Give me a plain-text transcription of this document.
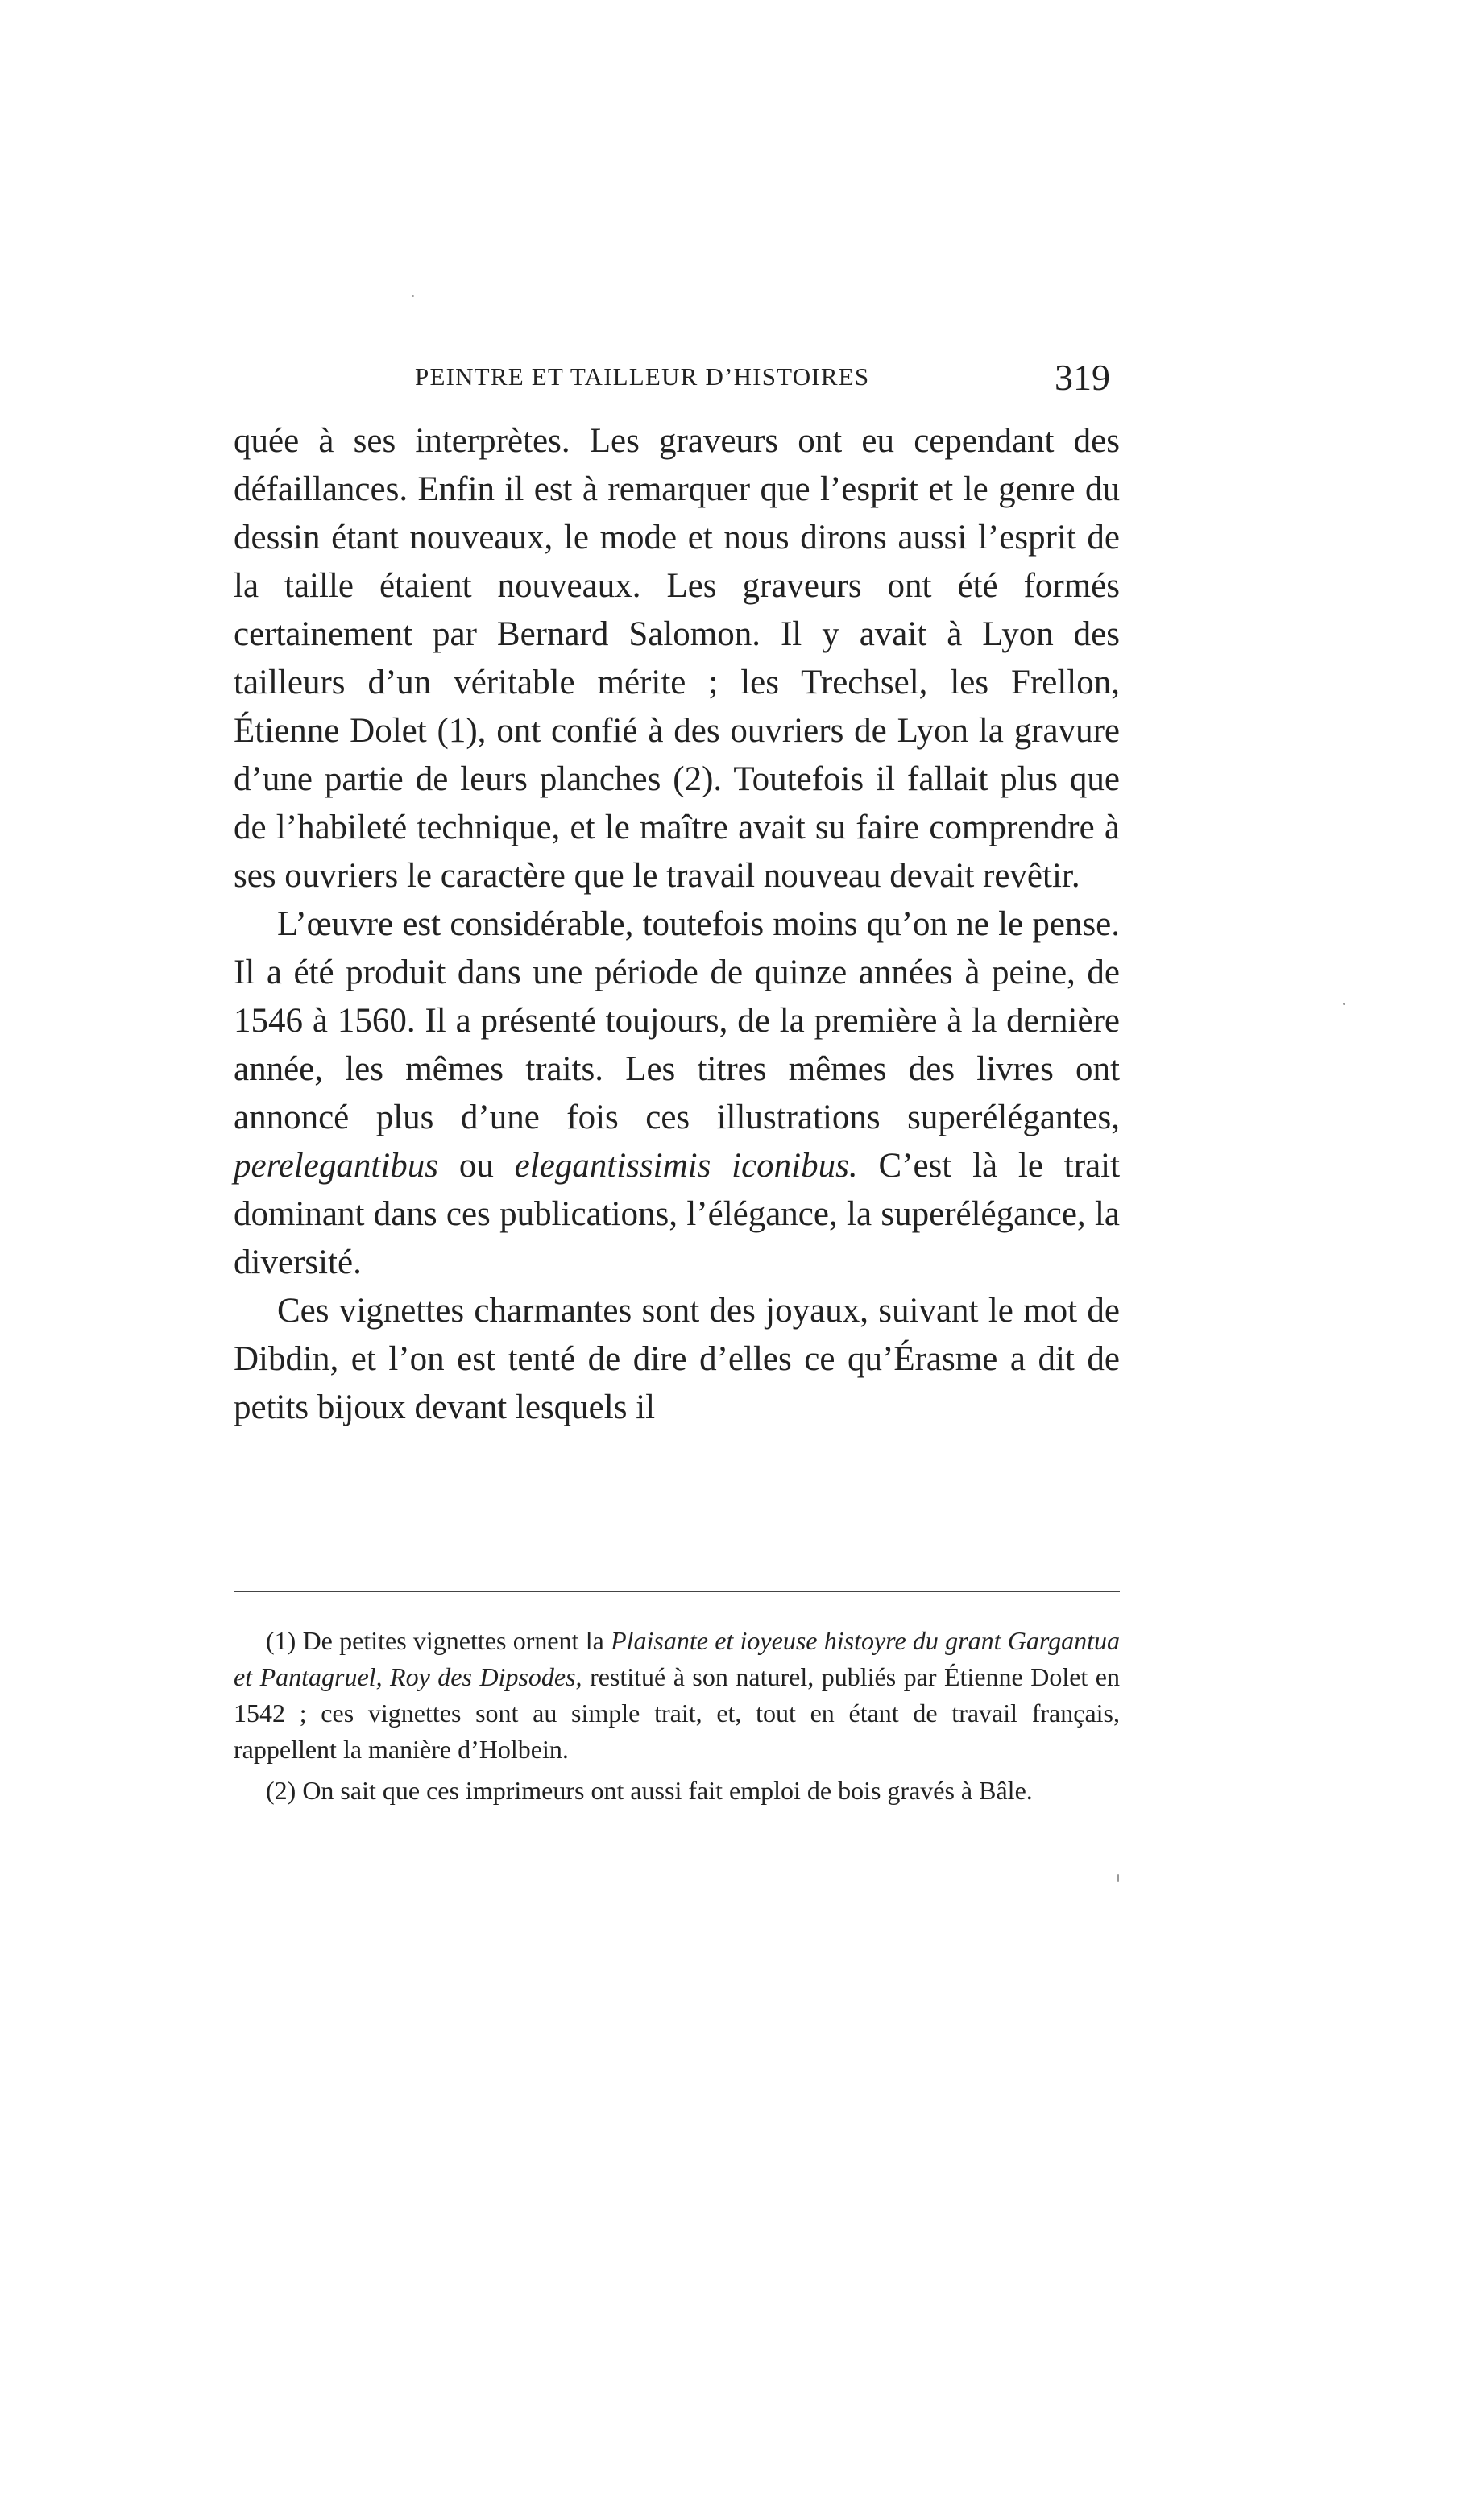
PEINTRE ET TAILLEUR D’HISTOIRES	319

quée à ses interprètes. Les graveurs ont eu cependant des défaillances. Enfin il est à remarquer que l’esprit et le genre du dessin étant nouveaux, le mode et nous dirons aussi l’esprit de la taille étaient nouveaux. Les graveurs ont été formés certainement par Bernard Salomon. Il y avait à Lyon des tailleurs d’un véritable mérite ; les Trechsel, les Frellon, Étienne Dolet (1), ont confié à des ouvriers de Lyon la gravure d’une partie de leurs planches (2). Toutefois il fallait plus que de l’habileté technique, et le maître avait su faire comprendre à ses ouvriers le caractère que le travail nouveau devait revêtir.

L’œuvre est considérable, toutefois moins qu’on ne le pense. Il a été produit dans une période de quinze années à peine, de 1546 à 1560. Il a présenté toujours, de la première à la dernière année, les mêmes traits. Les titres mêmes des livres ont annoncé plus d’une fois ces illustrations superélégantes, perelegantibus ou elegantissimis iconibus. C’est là le trait dominant dans ces publications, l’élégance, la superélégance, la diversité.

Ces vignettes charmantes sont des joyaux, suivant le mot de Dibdin, et l’on est tenté de dire d’elles ce qu’Érasme a dit de petits bijoux devant lesquels il

(1) De petites vignettes ornent la Plaisante et ioyeuse histoyre du grant Gargantua et Pantagruel, Roy des Dipsodes, restitué à son naturel, publiés par Étienne Dolet en 1542 ; ces vignettes sont au simple trait, et, tout en étant de travail français, rappellent la manière d’Holbein.

(2) On sait que ces imprimeurs ont aussi fait emploi de bois gravés à Bâle.
